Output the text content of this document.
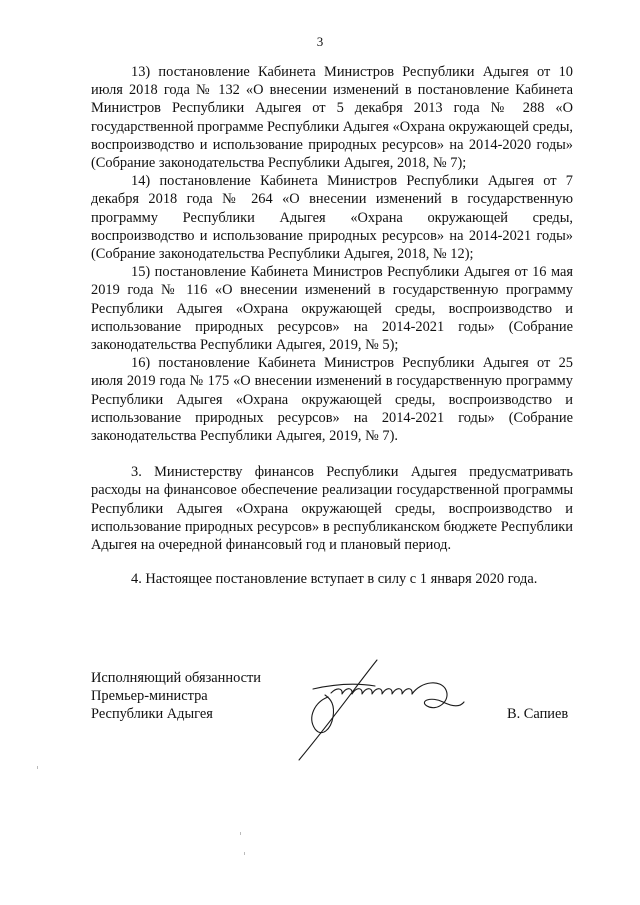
3

13) постановление Кабинета Министров Республики Адыгея от 10 июля 2018 года № 132 «О внесении изменений в постановление Кабинета Министров Республики Адыгея от 5 декабря 2013 года № 288 «О государственной программе Республики Адыгея «Охрана окружающей среды, воспроизводство и использование природных ресурсов» на 2014-2020 годы» (Собрание законодательства Республики Адыгея, 2018, № 7);

14) постановление Кабинета Министров Республики Адыгея от 7 декабря 2018 года № 264 «О внесении изменений в государственную программу Республики Адыгея «Охрана окружающей среды, воспроизводство и использование природных ресурсов» на 2014-2021 годы» (Собрание законодательства Республики Адыгея, 2018, № 12);

15) постановление Кабинета Министров Республики Адыгея от 16 мая 2019 года № 116 «О внесении изменений в государственную программу Республики Адыгея «Охрана окружающей среды, воспроизводство и использование природных ресурсов» на 2014-2021 годы» (Собрание законодательства Республики Адыгея, 2019, № 5);

16) постановление Кабинета Министров Республики Адыгея от 25 июля 2019 года № 175 «О внесении изменений в государственную программу Республики Адыгея «Охрана окружающей среды, воспроизводство и использование природных ресурсов» на 2014-2021 годы» (Собрание законодательства Республики Адыгея, 2019, № 7).

3. Министерству финансов Республики Адыгея предусматривать расходы на финансовое обеспечение реализации государственной программы Республики Адыгея «Охрана окружающей среды, воспроизводство и использование природных ресурсов» в республиканском бюджете Республики Адыгея на очередной финансовый год и плановый период.

4. Настоящее постановление вступает в силу с 1 января 2020 года.

Исполняющий обязанности
Премьер-министра
Республики Адыгея	В. Сапиев
